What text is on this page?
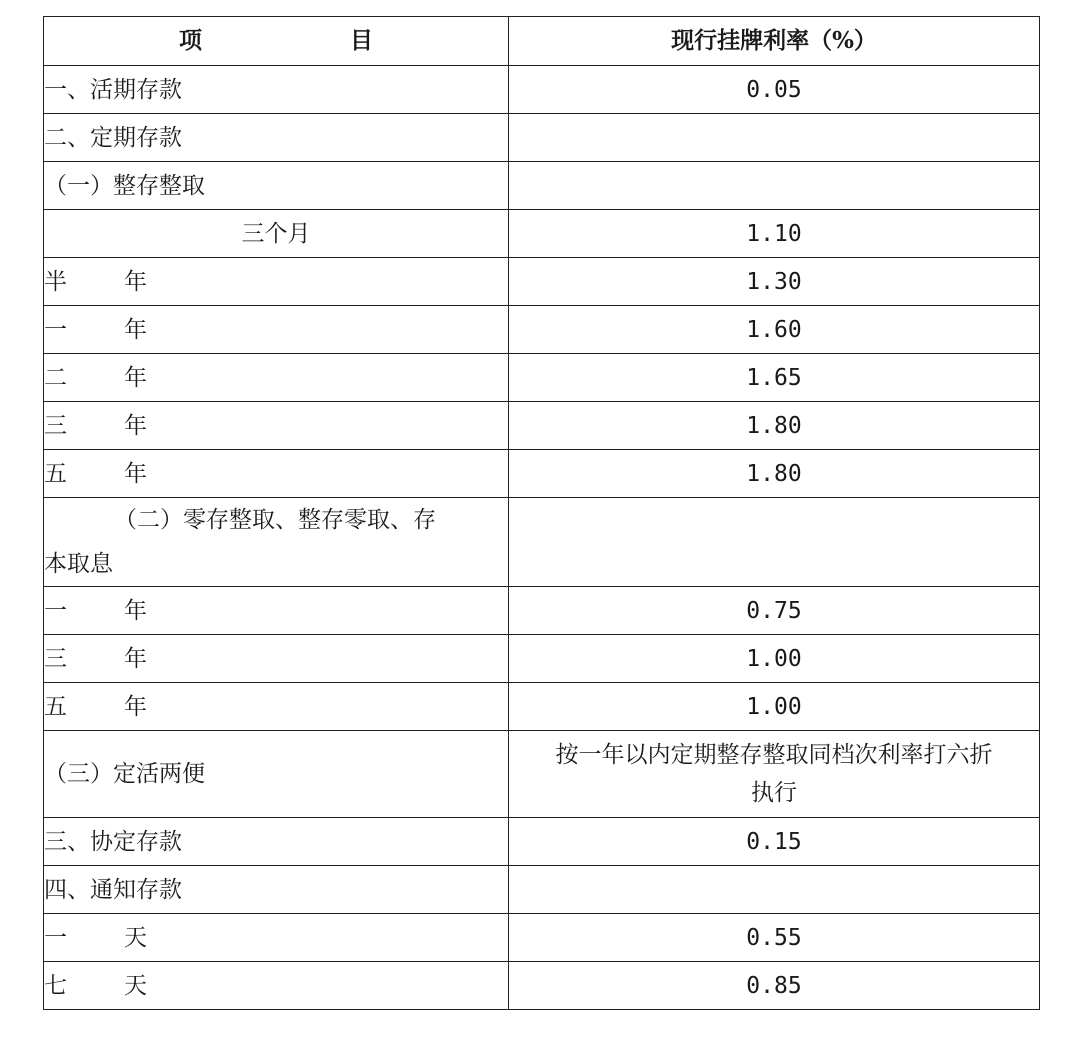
项 目	现行挂牌利率（%）
一、活期存款	0.05
二、定期存款	
（一）整存整取	
三个月	1.10
半 年	1.30
一 年	1.60
二 年	1.65
三 年	1.80
五 年	1.80

（二）零存整取、整存零取、存
本取息	

一 年	0.75
三 年	1.00
五 年	1.00
（三）定活两便	按一年以内定期整存整取同档次利率打六折
执行

三、协定存款	0.15
四、通知存款	
一 天	0.55
七 天	0.85
